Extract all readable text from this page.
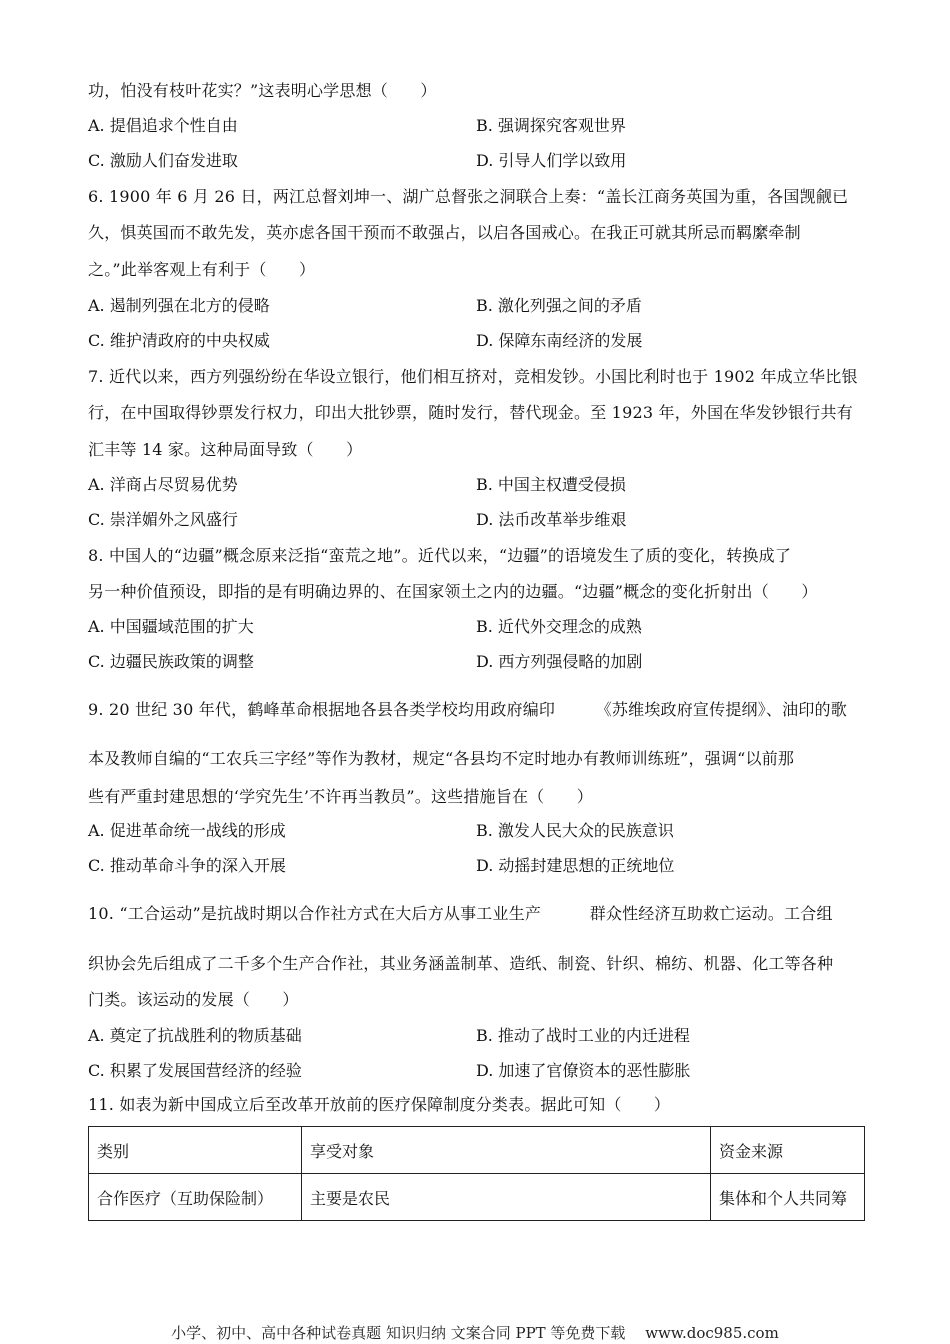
功，怕没有枝叶花实？”这表明心学思想（　　）
A. 提倡追求个性自由	B. 强调探究客观世界
C. 激励人们奋发进取	D. 引导人们学以致用
6. 1900 年 6 月 26 日，两江总督刘坤一、湖广总督张之洞联合上奏：“盖长江商务英国为重，各国觊觎已
久，惧英国而不敢先发，英亦虑各国干预而不敢强占，以启各国戒心。在我正可就其所忌而羁縻牵制
之。”此举客观上有利于（　　）
A. 遏制列强在北方的侵略	B. 激化列强之间的矛盾
C. 维护清政府的中央权威	D. 保障东南经济的发展
7. 近代以来，西方列强纷纷在华设立银行，他们相互挤对，竞相发钞。小国比利时也于 1902 年成立华比银
行，在中国取得钞票发行权力，印出大批钞票，随时发行，替代现金。至 1923 年，外国在华发钞银行共有
汇丰等 14 家。这种局面导致（　　）
A. 洋商占尽贸易优势	B. 中国主权遭受侵损
C. 崇洋媚外之风盛行	D. 法币改革举步维艰
8. 中国人的“边疆”概念原来泛指“蛮荒之地”。近代以来，“边疆”的语境发生了质的变化，转换成了
另一种价值预设，即指的是有明确边界的、在国家领土之内的边疆。“边疆”概念的变化折射出（　　）
A. 中国疆域范围的扩大	B. 近代外交理念的成熟
C. 边疆民族政策的调整	D. 西方列强侵略的加剧
9. 20 世纪 30 年代，鹤峰革命根据地各县各类学校均用政府编印　　　《苏维埃政府宣传提纲》、油印的歌
本及教师自编的“工农兵三字经”等作为教材，规定“各县均不定时地办有教师训练班”，强调“以前那
些有严重封建思想的‘学究先生’不许再当教员”。这些措施旨在（　　）
A. 促进革命统一战线的形成	B. 激发人民大众的民族意识
C. 推动革命斗争的深入开展	D. 动摇封建思想的正统地位
10. “工合运动”是抗战时期以合作社方式在大后方从事工业生产　　　群众性经济互助救亡运动。工合组
织协会先后组成了二千多个生产合作社，其业务涵盖制革、造纸、制瓷、针织、棉纺、机器、化工等各种
门类。该运动的发展（　　）
A. 奠定了抗战胜利的物质基础	B. 推动了战时工业的内迁进程
C. 积累了发展国营经济的经验	D. 加速了官僚资本的恶性膨胀
11. 如表为新中国成立后至改革开放前的医疗保障制度分类表。据此可知（　　）
类别	享受对象	资金来源
合作医疗（互助保险制）	主要是农民	集体和个人共同筹
小学、初中、高中各种试卷真题 知识归纳 文案合同 PPT 等免费下载　 www.doc985.com
